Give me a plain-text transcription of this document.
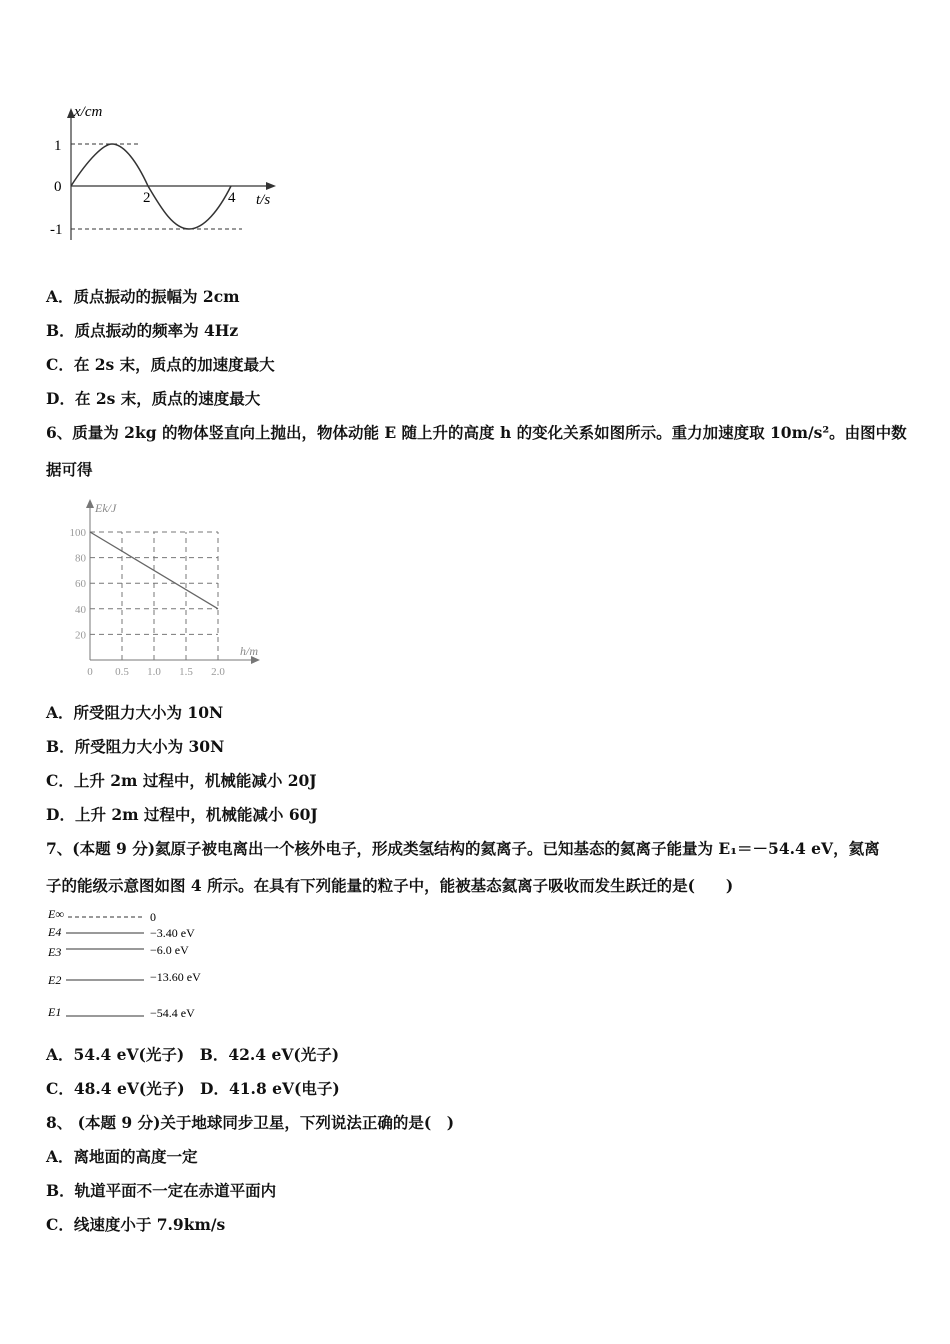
x/cm
t/s
1
0
-1
2	4
A．质点振动的振幅为 2cm
B．质点振动的频率为 4Hz
C．在 2s 末，质点的加速度最大
D．在 2s 末，质点的速度最大
6、质量为 2kg 的物体竖直向上抛出，物体动能 E 随上升的高度 h 的变化关系如图所示。重力加速度取 10m/s²。由图中数
据可得
100
80
60
40
20
0 0.5 1.0 1.5 2.0
Ek/J
h/m
A．所受阻力大小为 10N
B．所受阻力大小为 30N
C．上升 2m 过程中，机械能减小 20J
D．上升 2m 过程中，机械能减小 60J
7、(本题 9 分)氦原子被电离出一个核外电子，形成类氢结构的氦离子。已知基态的氦离子能量为 E₁＝－54.4 eV，氦离
子的能级示意图如图 4 所示。在具有下列能量的粒子中，能被基态氦离子吸收而发生跃迁的是(　　)
E∞	0
E4	−3.40 eV
E3	−6.0 eV
E2	−13.60 eV
E1	−54.4 eV
A．54.4 eV(光子)　B．42.4 eV(光子)
C．48.4 eV(光子)　D．41.8 eV(电子)
8、 (本题 9 分)关于地球同步卫星，下列说法正确的是(　)
A．离地面的高度一定
B．轨道平面不一定在赤道平面内
C．线速度小于 7.9km/s
